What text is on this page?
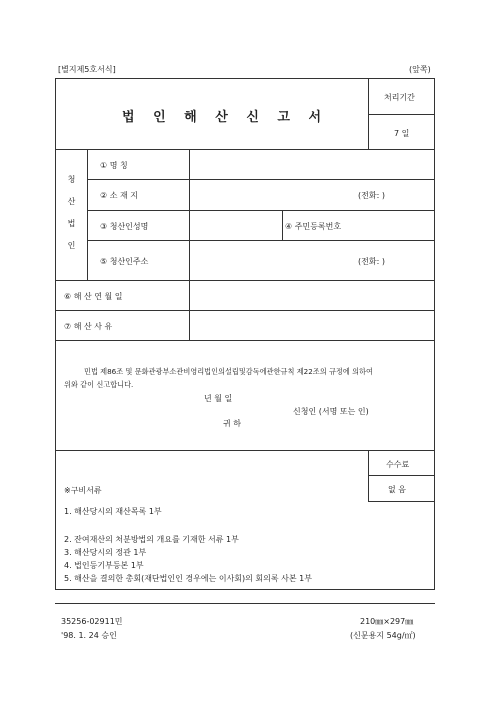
[별지제5호서식]	(앞쪽)
법 인 해 산 신 고 서
처리기간
7 일
청
산
법
인
① 명 칭
② 소 재 지	(전화: )
③ 청산인성명	④ 주민등록번호
⑤ 청산인주소	(전화: )
⑥ 해 산 연 월 일
⑦ 해 산 사 유
민법 제86조 및 문화관광부소관비영리법인의설립및감독에관한규칙 제22조의 규정에 의하여
위와 같이 신고합니다.
년 월 일
신청인 (서명 또는 인)
귀 하
수수료
없 음
※구비서류
1. 해산당시의 재산목록 1부
2. 잔여재산의 처분방법의 개요를 기재한 서류 1부
3. 해산당시의 정관 1부
4. 법인등기부등본 1부
5. 해산을 결의한 총회(재단법인인 경우에는 이사회)의 회의록 사본 1부
35256-02911민
'98. 1. 24 승인
210㎜×297㎜
(신문용지 54g/㎡)
